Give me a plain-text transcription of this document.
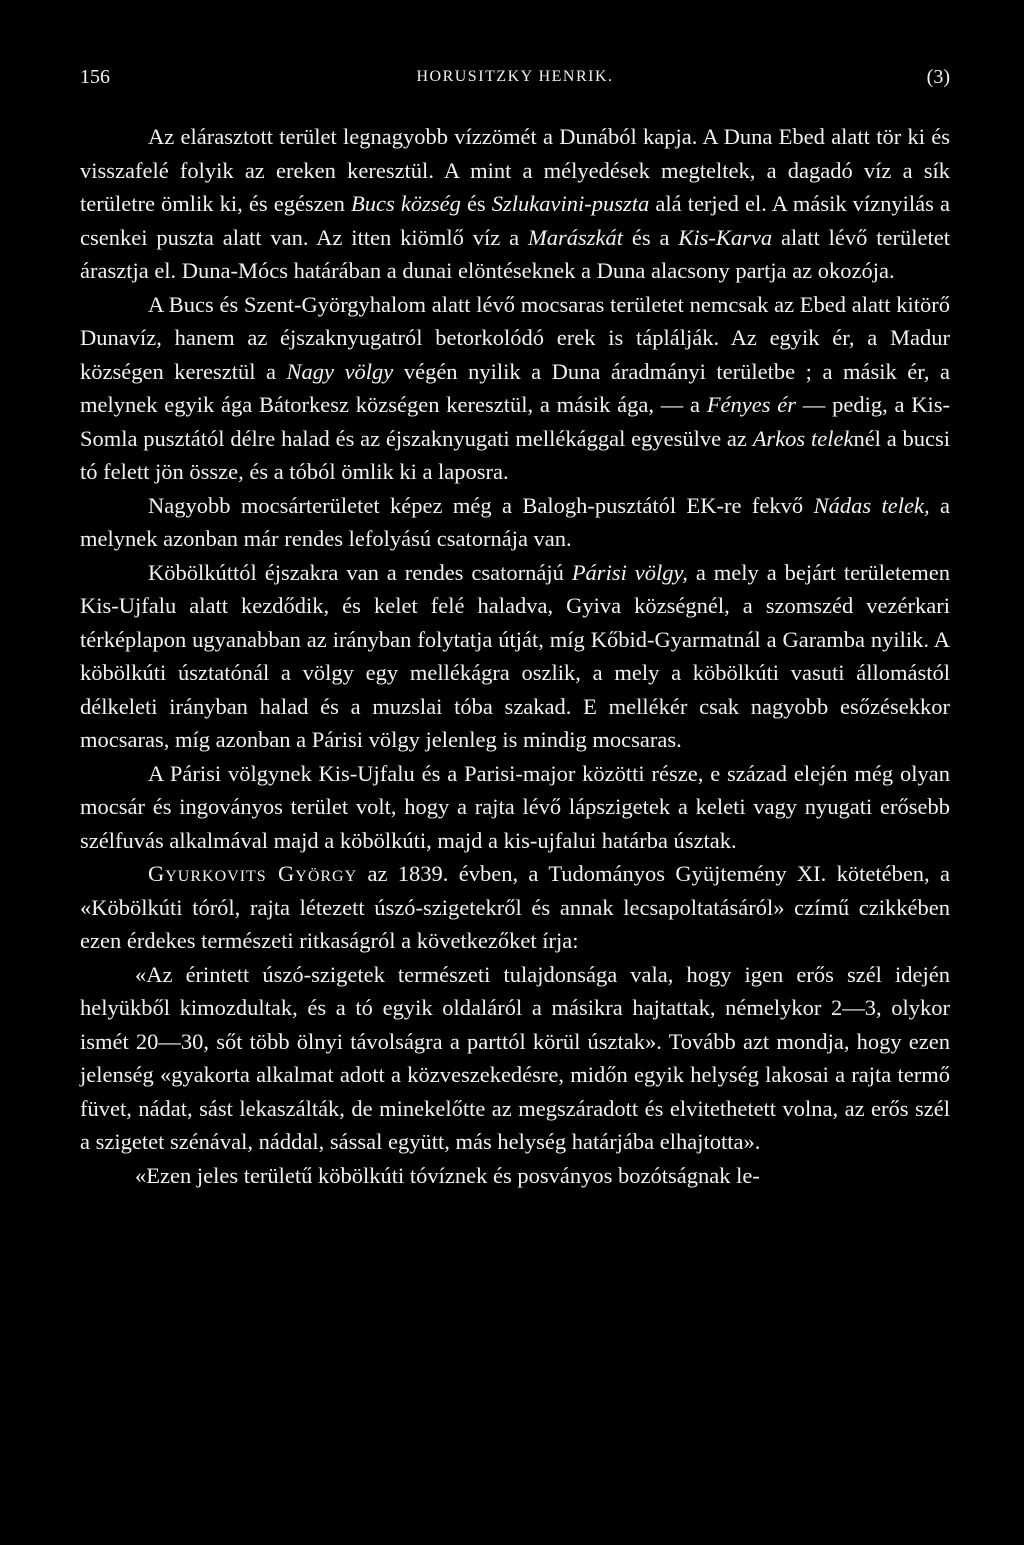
156	HORUSITZKY HENRIK.	(3)

Az elárasztott terület legnagyobb vízzömét a Dunából kapja. A Duna Ebed alatt tör ki és visszafelé folyik az ereken keresztül. A mint a mélyedések megteltek, a dagadó víz a sík területre ömlik ki, és egészen Bucs község és Szlukavini-puszta alá terjed el. A másik víznyilás a csenkei puszta alatt van. Az itten kiömlő víz a Marászkát és a Kis-Karva alatt lévő területet árasztja el. Duna-Mócs határában a dunai elöntéseknek a Duna alacsony partja az okozója.

A Bucs és Szent-Györgyhalom alatt lévő mocsaras területet nemcsak az Ebed alatt kitörő Dunavíz, hanem az éjszaknyugatról betorkolódó erek is táplálják. Az egyik ér, a Madur községen keresztül a Nagy völgy végén nyilik a Duna áradmányi területbe ; a másik ér, a melynek egyik ága Bátorkesz községen keresztül, a másik ága, — a Fényes ér — pedig, a Kis-Somla pusztától délre halad és az éjszaknyugati mellékággal egyesülve az Arkos teleknél a bucsi tó felett jön össze, és a tóból ömlik ki a laposra.

Nagyobb mocsárterületet képez még a Balogh-pusztától EK-re fekvő Nádas telek, a melynek azonban már rendes lefolyású csatornája van.

Köbölkúttól éjszakra van a rendes csatornájú Párisi völgy, a mely a bejárt területemen Kis-Ujfalu alatt kezdődik, és kelet felé haladva, Gyiva községnél, a szomszéd vezérkari térképlapon ugyanabban az irányban folytatja útját, míg Kőbid-Gyarmatnál a Garamba nyilik. A köbölkúti úsztatónál a völgy egy mellékágra oszlik, a mely a köbölkúti vasuti állomástól délkeleti irányban halad és a muzslai tóba szakad. E mellékér csak nagyobb esőzésekkor mocsaras, míg azonban a Párisi völgy jelenleg is mindig mocsaras.

A Párisi völgynek Kis-Ujfalu és a Parisi-major közötti része, e század elején még olyan mocsár és ingoványos terület volt, hogy a rajta lévő lápszigetek a keleti vagy nyugati erősebb szélfuvás alkalmával majd a köbölkúti, majd a kis-ujfalui határba úsztak.

Gyurkovits György az 1839. évben, a Tudományos Gyüjtemény XI. kötetében, a «Köbölkúti tóról, rajta létezett úszó-szigetekről és annak lecsapoltatásáról» czímű czikkében ezen érdekes természeti ritkaságról a következőket írja:

«Az érintett úszó-szigetek természeti tulajdonsága vala, hogy igen erős szél idején helyükből kimozdultak, és a tó egyik oldaláról a másikra hajtattak, némelykor 2—3, olykor ismét 20—30, sőt több ölnyi távolságra a parttól körül úsztak». Tovább azt mondja, hogy ezen jelenség «gyakorta alkalmat adott a közveszekedésre, midőn egyik helység lakosai a rajta termő füvet, nádat, sást lekaszálták, de minekelőtte az megszáradott és elvitethetett volna, az erős szél a szigetet szénával, náddal, sással együtt, más helység határjába elhajtotta».

«Ezen jeles területű köbölkúti tóvíznek és posványos bozótságnak le-
